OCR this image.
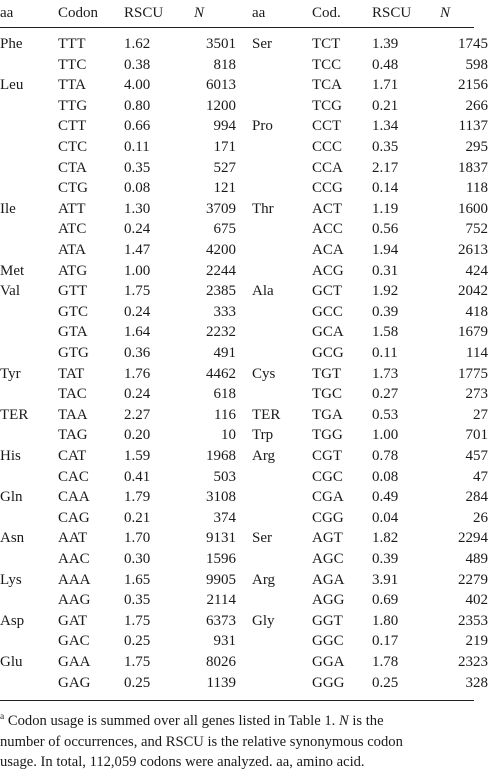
aa	Codon RSCU N	aa	Cod. RSCU N
Phe TTT	1.62	3501 Ser	TCT 1.39	1745
TTC	0.38	818	TCC 0.48	598
Leu TTA	4.00	6013	TCA 1.71	2156
TTG 0.80	1200	TCG 0.21	266
CTT	0.66	994 Pro	CCT 1.34	1137
CTC 0.11	171	CCC 0.35	295
CTA 0.35	527	CCA 2.17	1837
CTG 0.08	121	CCG 0.14	118
Ile	ATT	1.30	3709 Thr	ACT 1.19	1600
ATC	0.24	675	ACC 0.56	752
ATA	1.47	4200	ACA 1.94	2613
Met ATG 1.00	2244	ACG 0.31	424
Val	GTT 1.75	2385 Ala	GCT 1.92	2042
GTC 0.24	333	GCC 0.39	418
GTA 1.64	2232	GCA 1.58	1679
GTG 0.36	491	GCG 0.11	114
Tyr TAT	1.76	4462 Cys TGT 1.73	1775
TAC 0.24	618	TGC 0.27	273
TER TAA 2.27	116 TER TGA 0.53	27
TAG 0.20	10 Trp	TGG 1.00	701
His CAT	1.59	1968 Arg CGT 0.78	457
CAC 0.41	503	CGC 0.08	47
Gln CAA 1.79	3108	CGA 0.49	284
CAG 0.21	374	CGG 0.04	26
Asn AAT 1.70	9131 Ser	AGT 1.82	2294
AAC 0.30	1596	AGC 0.39	489
Lys AAA 1.65	9905 Arg AGA 3.91	2279
AAG 0.35	2114	AGG 0.69	402
Asp GAT 1.75	6373 Gly	GGT 1.80	2353
GAC 0.25	931	GGC 0.17	219
Glu GAA 1.75	8026	GGA 1.78	2323
GAG 0.25	1139	GGG 0.25	328
$^a$ Codon usage is summed over all genes listed in Table 1. N is the
number of occurrences, and RSCU is the relative synonymous codon
usage. In total, 112,059 codons were analyzed. aa, amino acid.
